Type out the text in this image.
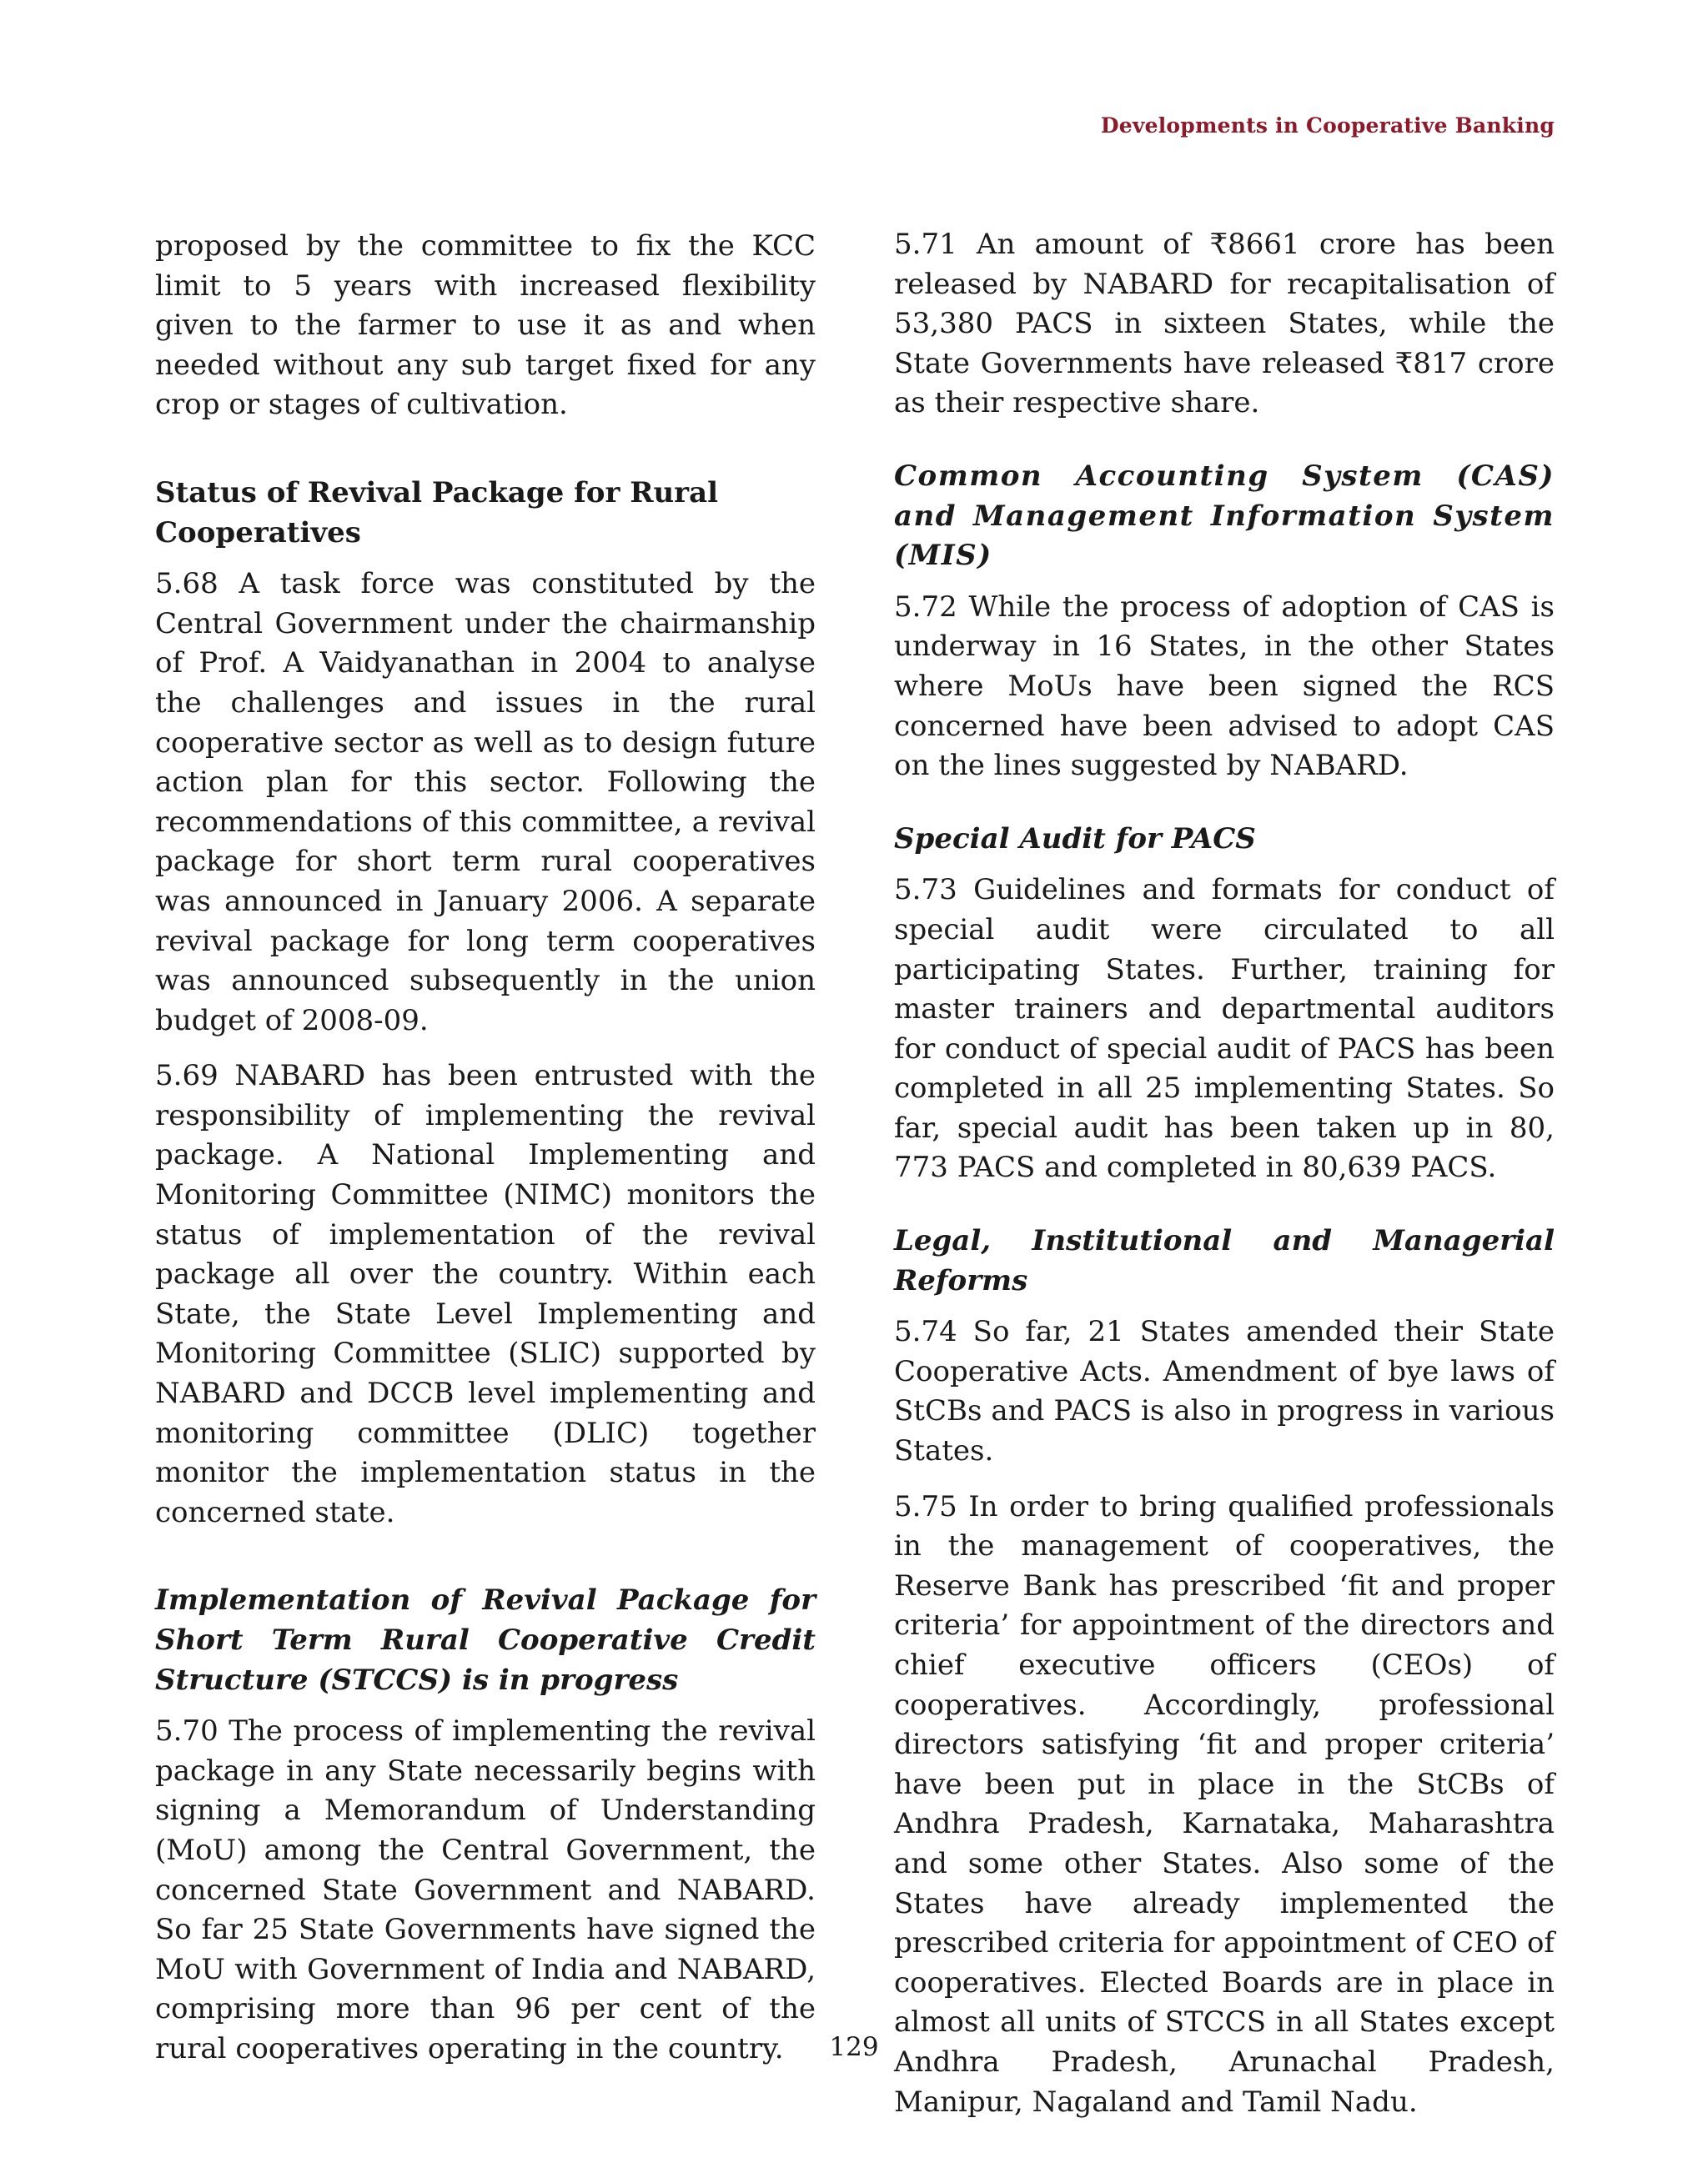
Developments in Cooperative Banking

proposed by the committee to fix the KCC limit to 5 years with increased flexibility given to the farmer to use it as and when needed without any sub target fixed for any crop or stages of cultivation.

Status of Revival Package for Rural Cooperatives

5.68 A task force was constituted by the Central Government under the chairmanship of Prof. A Vaidyanathan in 2004 to analyse the challenges and issues in the rural cooperative sector as well as to design future action plan for this sector. Following the recommendations of this committee, a revival package for short term rural cooperatives was announced in January 2006. A separate revival package for long term cooperatives was announced subsequently in the union budget of 2008-09.

5.69 NABARD has been entrusted with the responsibility of implementing the revival package. A National Implementing and Monitoring Committee (NIMC) monitors the status of implementation of the revival package all over the country. Within each State, the State Level Implementing and Monitoring Committee (SLIC) supported by NABARD and DCCB level implementing and monitoring committee (DLIC) together monitor the implementation status in the concerned state.

Implementation of Revival Package for Short Term Rural Cooperative Credit Structure (STCCS) is in progress

5.70 The process of implementing the revival package in any State necessarily begins with signing a Memorandum of Understanding (MoU) among the Central Government, the concerned State Government and NABARD. So far 25 State Governments have signed the MoU with Government of India and NABARD, comprising more than 96 per cent of the rural cooperatives operating in the country.

5.71 An amount of ₹8661 crore has been released by NABARD for recapitalisation of 53,380 PACS in sixteen States, while the State Governments have released ₹817 crore as their respective share.

Common Accounting System (CAS) and Management Information System (MIS)

5.72 While the process of adoption of CAS is underway in 16 States, in the other States where MoUs have been signed the RCS concerned have been advised to adopt CAS on the lines suggested by NABARD.

Special Audit for PACS

5.73 Guidelines and formats for conduct of special audit were circulated to all participating States. Further, training for master trainers and departmental auditors for conduct of special audit of PACS has been completed in all 25 implementing States. So far, special audit has been taken up in 80, 773 PACS and completed in 80,639 PACS.

Legal, Institutional and Managerial Reforms

5.74 So far, 21 States amended their State Cooperative Acts. Amendment of bye laws of StCBs and PACS is also in progress in various States.

5.75 In order to bring qualified professionals in the management of cooperatives, the Reserve Bank has prescribed ‘fit and proper criteria’ for appointment of the directors and chief executive officers (CEOs) of cooperatives. Accordingly, professional directors satisfying ‘fit and proper criteria’ have been put in place in the StCBs of Andhra Pradesh, Karnataka, Maharashtra and some other States. Also some of the States have already implemented the prescribed criteria for appointment of CEO of cooperatives. Elected Boards are in place in almost all units of STCCS in all States except Andhra Pradesh, Arunachal Pradesh, Manipur, Nagaland and Tamil Nadu.

129
